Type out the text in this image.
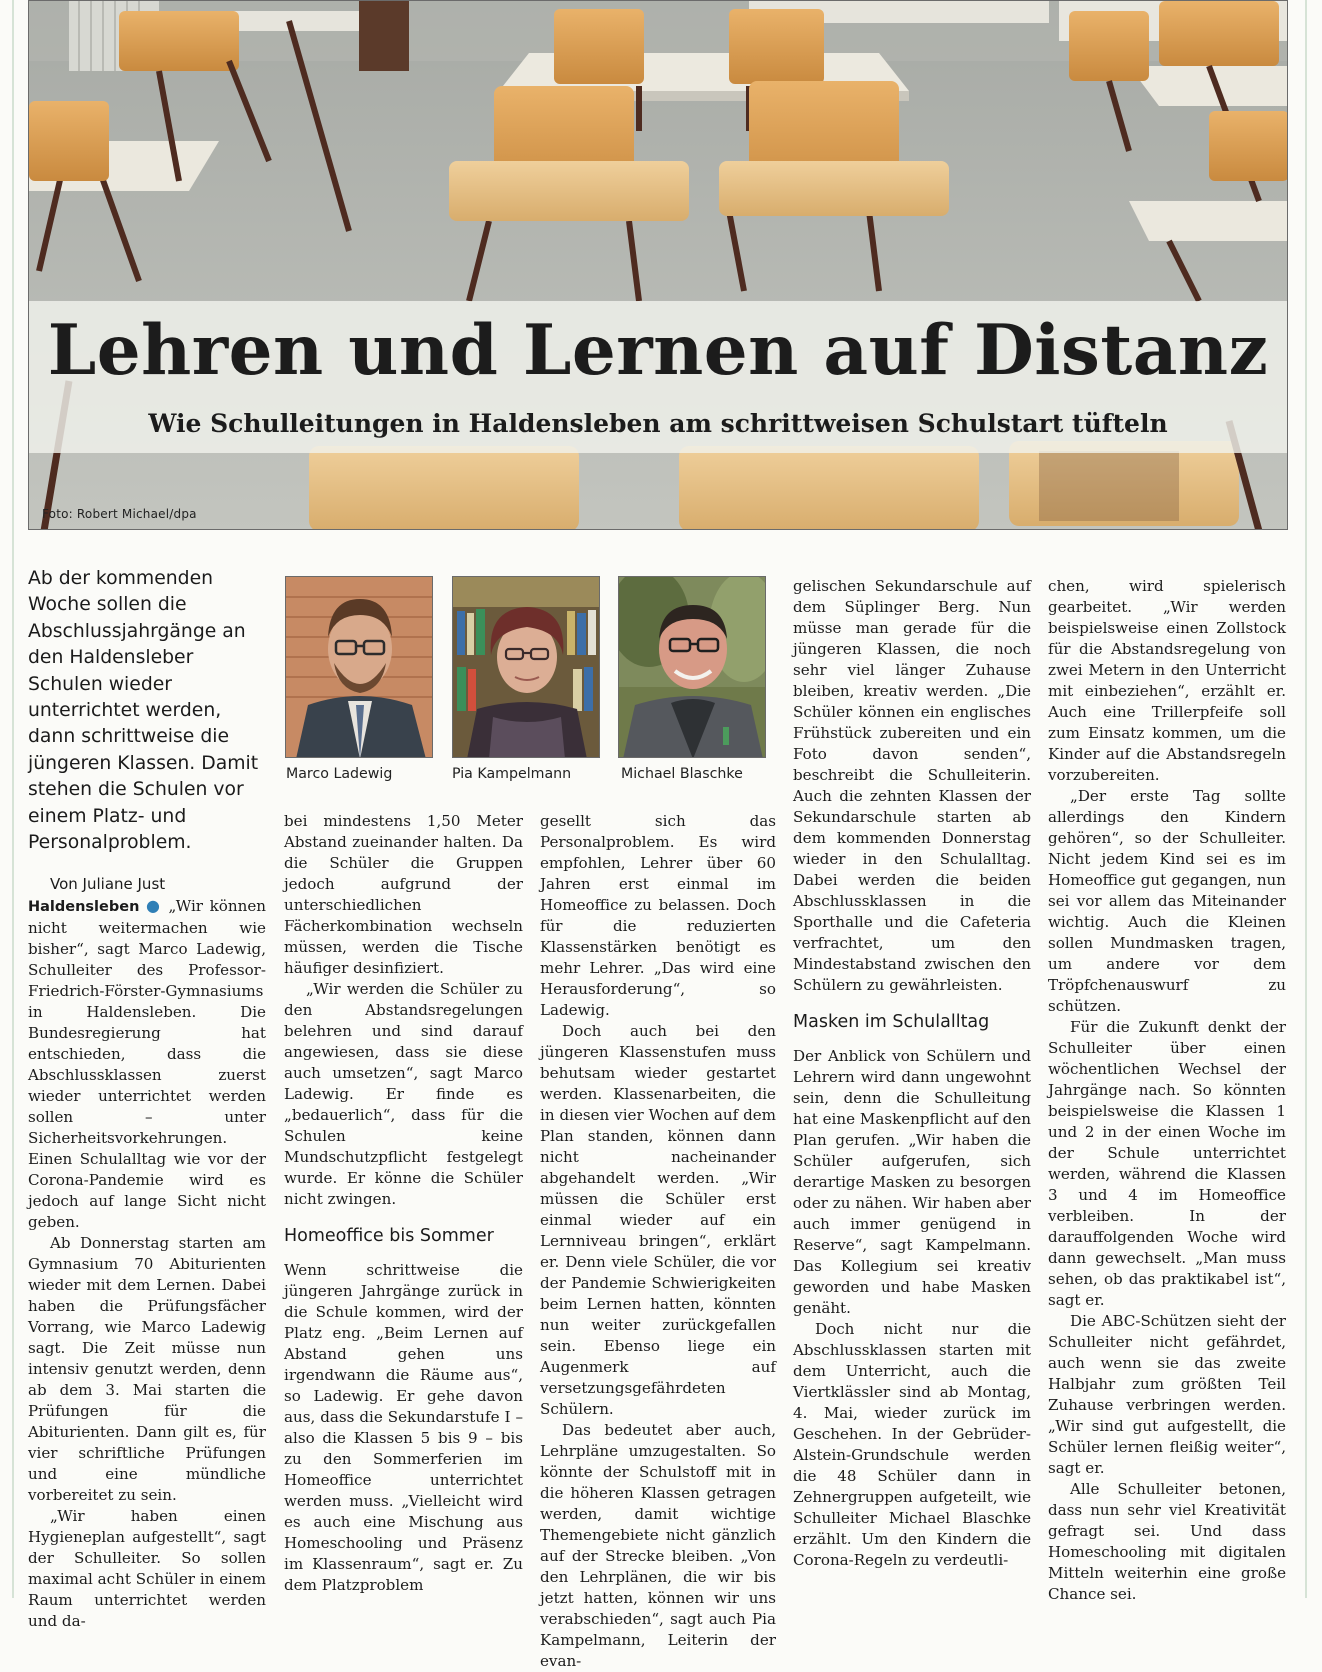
Lehren und Lernen auf Distanz
Wie Schulleitungen in Haldensleben am schrittweisen Schulstart tüfteln
Foto: Robert Michael/dpa

Ab der kommenden Woche sollen die Abschlussjahrgänge an den Haldensleber Schulen wieder unterrichtet werden, dann schrittweise die jüngeren Klassen. Damit stehen die Schulen vor einem Platz- und Personalproblem.

Marco Ladewig	Pia Kampelmann	Michael Blaschke

Von Juliane Just

Haldensleben ● „Wir können nicht weitermachen wie bisher“, sagt Marco Ladewig, Schulleiter des Professor-Friedrich-Förster-Gymnasiums in Haldensleben. Die Bundesregierung hat entschieden, dass die Abschlussklassen zuerst wieder unterrichtet werden sollen – unter Sicherheitsvorkehrungen. Einen Schulalltag wie vor der Corona-Pandemie wird es jedoch auf lange Sicht nicht geben.

Ab Donnerstag starten am Gymnasium 70 Abiturienten wieder mit dem Lernen. Dabei haben die Prüfungsfächer Vorrang, wie Marco Ladewig sagt. Die Zeit müsse nun intensiv genutzt werden, denn ab dem 3. Mai starten die Prüfungen für die Abiturienten. Dann gilt es, für vier schriftliche Prüfungen und eine mündliche vorbereitet zu sein.

„Wir haben einen Hygieneplan aufgestellt“, sagt der Schulleiter. So sollen maximal acht Schüler in einem Raum unterrichtet werden und da-

bei mindestens 1,50 Meter Abstand zueinander halten. Da die Schüler die Gruppen jedoch aufgrund der unterschiedlichen Fächerkombination wechseln müssen, werden die Tische häufiger desinfiziert.

„Wir werden die Schüler zu den Abstandsregelungen belehren und sind darauf angewiesen, dass sie diese auch umsetzen“, sagt Marco Ladewig. Er finde es „bedauerlich“, dass für die Schulen keine Mundschutzpflicht festgelegt wurde. Er könne die Schüler nicht zwingen.

Homeoffice bis Sommer

Wenn schrittweise die jüngeren Jahrgänge zurück in die Schule kommen, wird der Platz eng. „Beim Lernen auf Abstand gehen uns irgendwann die Räume aus“, so Ladewig. Er gehe davon aus, dass die Sekundarstufe I – also die Klassen 5 bis 9 – bis zu den Sommerferien im Homeoffice unterrichtet werden muss. „Vielleicht wird es auch eine Mischung aus Homeschooling und Präsenz im Klassenraum“, sagt er. Zu dem Platzproblem

gesellt sich das Personalproblem. Es wird empfohlen, Lehrer über 60 Jahren erst einmal im Homeoffice zu belassen. Doch für die reduzierten Klassenstärken benötigt es mehr Lehrer. „Das wird eine Herausforderung“, so Ladewig.

Doch auch bei den jüngeren Klassenstufen muss behutsam wieder gestartet werden. Klassenarbeiten, die in diesen vier Wochen auf dem Plan standen, können dann nicht nacheinander abgehandelt werden. „Wir müssen die Schüler erst einmal wieder auf ein Lernniveau bringen“, erklärt er. Denn viele Schüler, die vor der Pandemie Schwierigkeiten beim Lernen hatten, könnten nun weiter zurückgefallen sein. Ebenso liege ein Augenmerk auf versetzungsgefährdeten Schülern.

Das bedeutet aber auch, Lehrpläne umzugestalten. So könnte der Schulstoff mit in die höheren Klassen getragen werden, damit wichtige Themengebiete nicht gänzlich auf der Strecke bleiben. „Von den Lehrplänen, die wir bis jetzt hatten, können wir uns verabschieden“, sagt auch Pia Kampelmann, Leiterin der evan-

gelischen Sekundarschule auf dem Süplinger Berg. Nun müsse man gerade für die jüngeren Klassen, die noch sehr viel länger Zuhause bleiben, kreativ werden. „Die Schüler können ein englisches Frühstück zubereiten und ein Foto davon senden“, beschreibt die Schulleiterin. Auch die zehnten Klassen der Sekundarschule starten ab dem kommenden Donnerstag wieder in den Schulalltag. Dabei werden die beiden Abschlussklassen in die Sporthalle und die Cafeteria verfrachtet, um den Mindestabstand zwischen den Schülern zu gewährleisten.

Masken im Schulalltag

Der Anblick von Schülern und Lehrern wird dann ungewohnt sein, denn die Schulleitung hat eine Maskenpflicht auf den Plan gerufen. „Wir haben die Schüler aufgerufen, sich derartige Masken zu besorgen oder zu nähen. Wir haben aber auch immer genügend in Reserve“, sagt Kampelmann. Das Kollegium sei kreativ geworden und habe Masken genäht.

Doch nicht nur die Abschlussklassen starten mit dem Unterricht, auch die Viertklässler sind ab Montag, 4. Mai, wieder zurück im Geschehen. In der Gebrüder-Alstein-Grundschule werden die 48 Schüler dann in Zehnergruppen aufgeteilt, wie Schulleiter Michael Blaschke erzählt. Um den Kindern die Corona-Regeln zu verdeutli-

chen, wird spielerisch gearbeitet. „Wir werden beispielsweise einen Zollstock für die Abstandsregelung von zwei Metern in den Unterricht mit einbeziehen“, erzählt er. Auch eine Trillerpfeife soll zum Einsatz kommen, um die Kinder auf die Abstandsregeln vorzubereiten.

„Der erste Tag sollte allerdings den Kindern gehören“, so der Schulleiter. Nicht jedem Kind sei es im Homeoffice gut gegangen, nun sei vor allem das Miteinander wichtig. Auch die Kleinen sollen Mundmasken tragen, um andere vor dem Tröpfchenauswurf zu schützen.

Für die Zukunft denkt der Schulleiter über einen wöchentlichen Wechsel der Jahrgänge nach. So könnten beispielsweise die Klassen 1 und 2 in der einen Woche im der Schule unterrichtet werden, während die Klassen 3 und 4 im Homeoffice verbleiben. In der darauffolgenden Woche wird dann gewechselt. „Man muss sehen, ob das praktikabel ist“, sagt er.

Die ABC-Schützen sieht der Schulleiter nicht gefährdet, auch wenn sie das zweite Halbjahr zum größten Teil Zuhause verbringen werden. „Wir sind gut aufgestellt, die Schüler lernen fleißig weiter“, sagt er.

Alle Schulleiter betonen, dass nun sehr viel Kreativität gefragt sei. Und dass Homeschooling mit digitalen Mitteln weiterhin eine große Chance sei.
